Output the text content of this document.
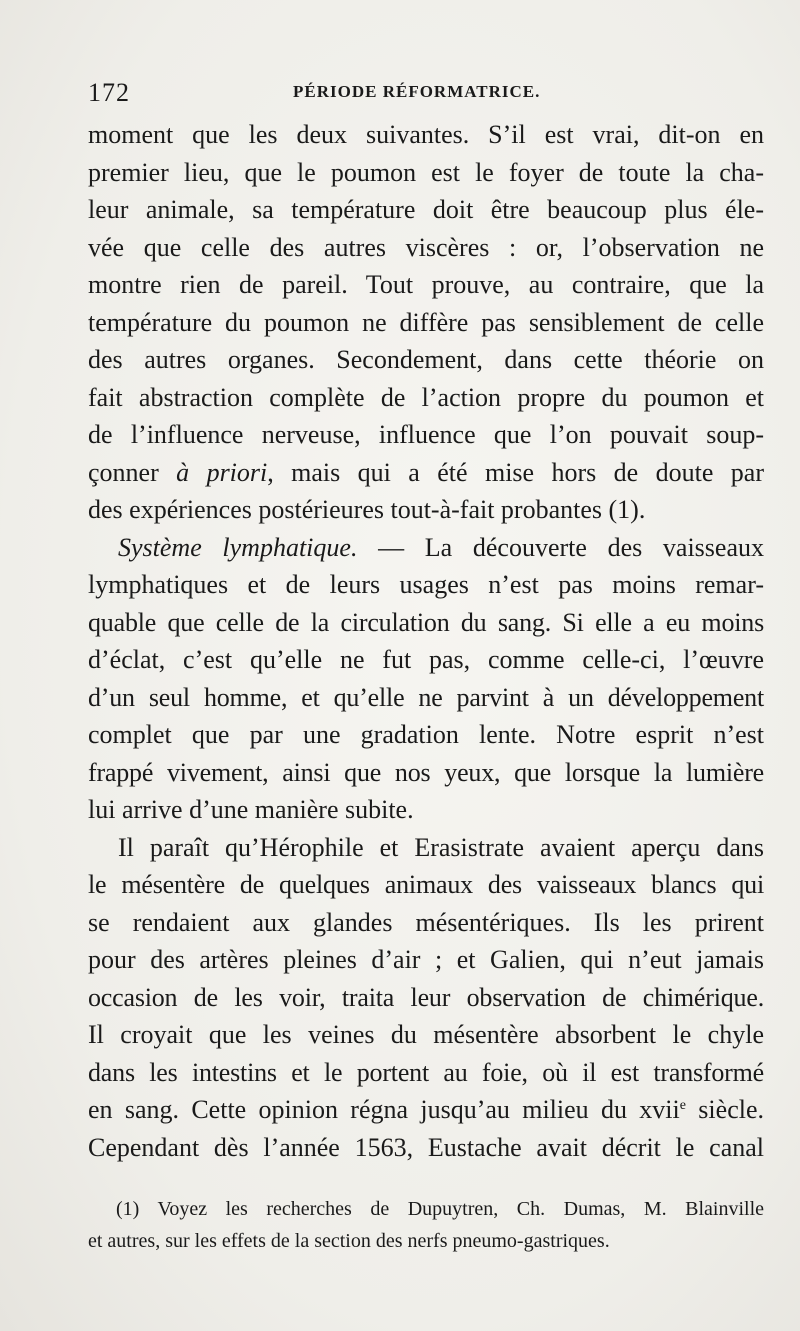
172	PÉRIODE RÉFORMATRICE.
moment que les deux suivantes. S’il est vrai, dit-on en
premier lieu, que le poumon est le foyer de toute la cha-
leur animale, sa température doit être beaucoup plus éle-
vée que celle des autres viscères : or, l’observation ne
montre rien de pareil. Tout prouve, au contraire, que la
température du poumon ne diffère pas sensiblement de celle
des autres organes. Secondement, dans cette théorie on
fait abstraction complète de l’action propre du poumon et
de l’influence nerveuse, influence que l’on pouvait soup-
çonner à priori, mais qui a été mise hors de doute par
des expériences postérieures tout-à-fait probantes (1).
Système lymphatique. — La découverte des vaisseaux
lymphatiques et de leurs usages n’est pas moins remar-
quable que celle de la circulation du sang. Si elle a eu moins
d’éclat, c’est qu’elle ne fut pas, comme celle-ci, l’œuvre
d’un seul homme, et qu’elle ne parvint à un développement
complet que par une gradation lente. Notre esprit n’est
frappé vivement, ainsi que nos yeux, que lorsque la lumière
lui arrive d’une manière subite.
Il paraît qu’Hérophile et Erasistrate avaient aperçu dans
le mésentère de quelques animaux des vaisseaux blancs qui
se rendaient aux glandes mésentériques. Ils les prirent
pour des artères pleines d’air ; et Galien, qui n’eut jamais
occasion de les voir, traita leur observation de chimérique.
Il croyait que les veines du mésentère absorbent le chyle
dans les intestins et le portent au foie, où il est transformé
en sang. Cette opinion régna jusqu’au milieu du xvii$^e$ siècle.
Cependant dès l’année 1563, Eustache avait décrit le canal
(1) Voyez les recherches de Dupuytren, Ch. Dumas, M. Blainville
et autres, sur les effets de la section des nerfs pneumo-gastriques.
